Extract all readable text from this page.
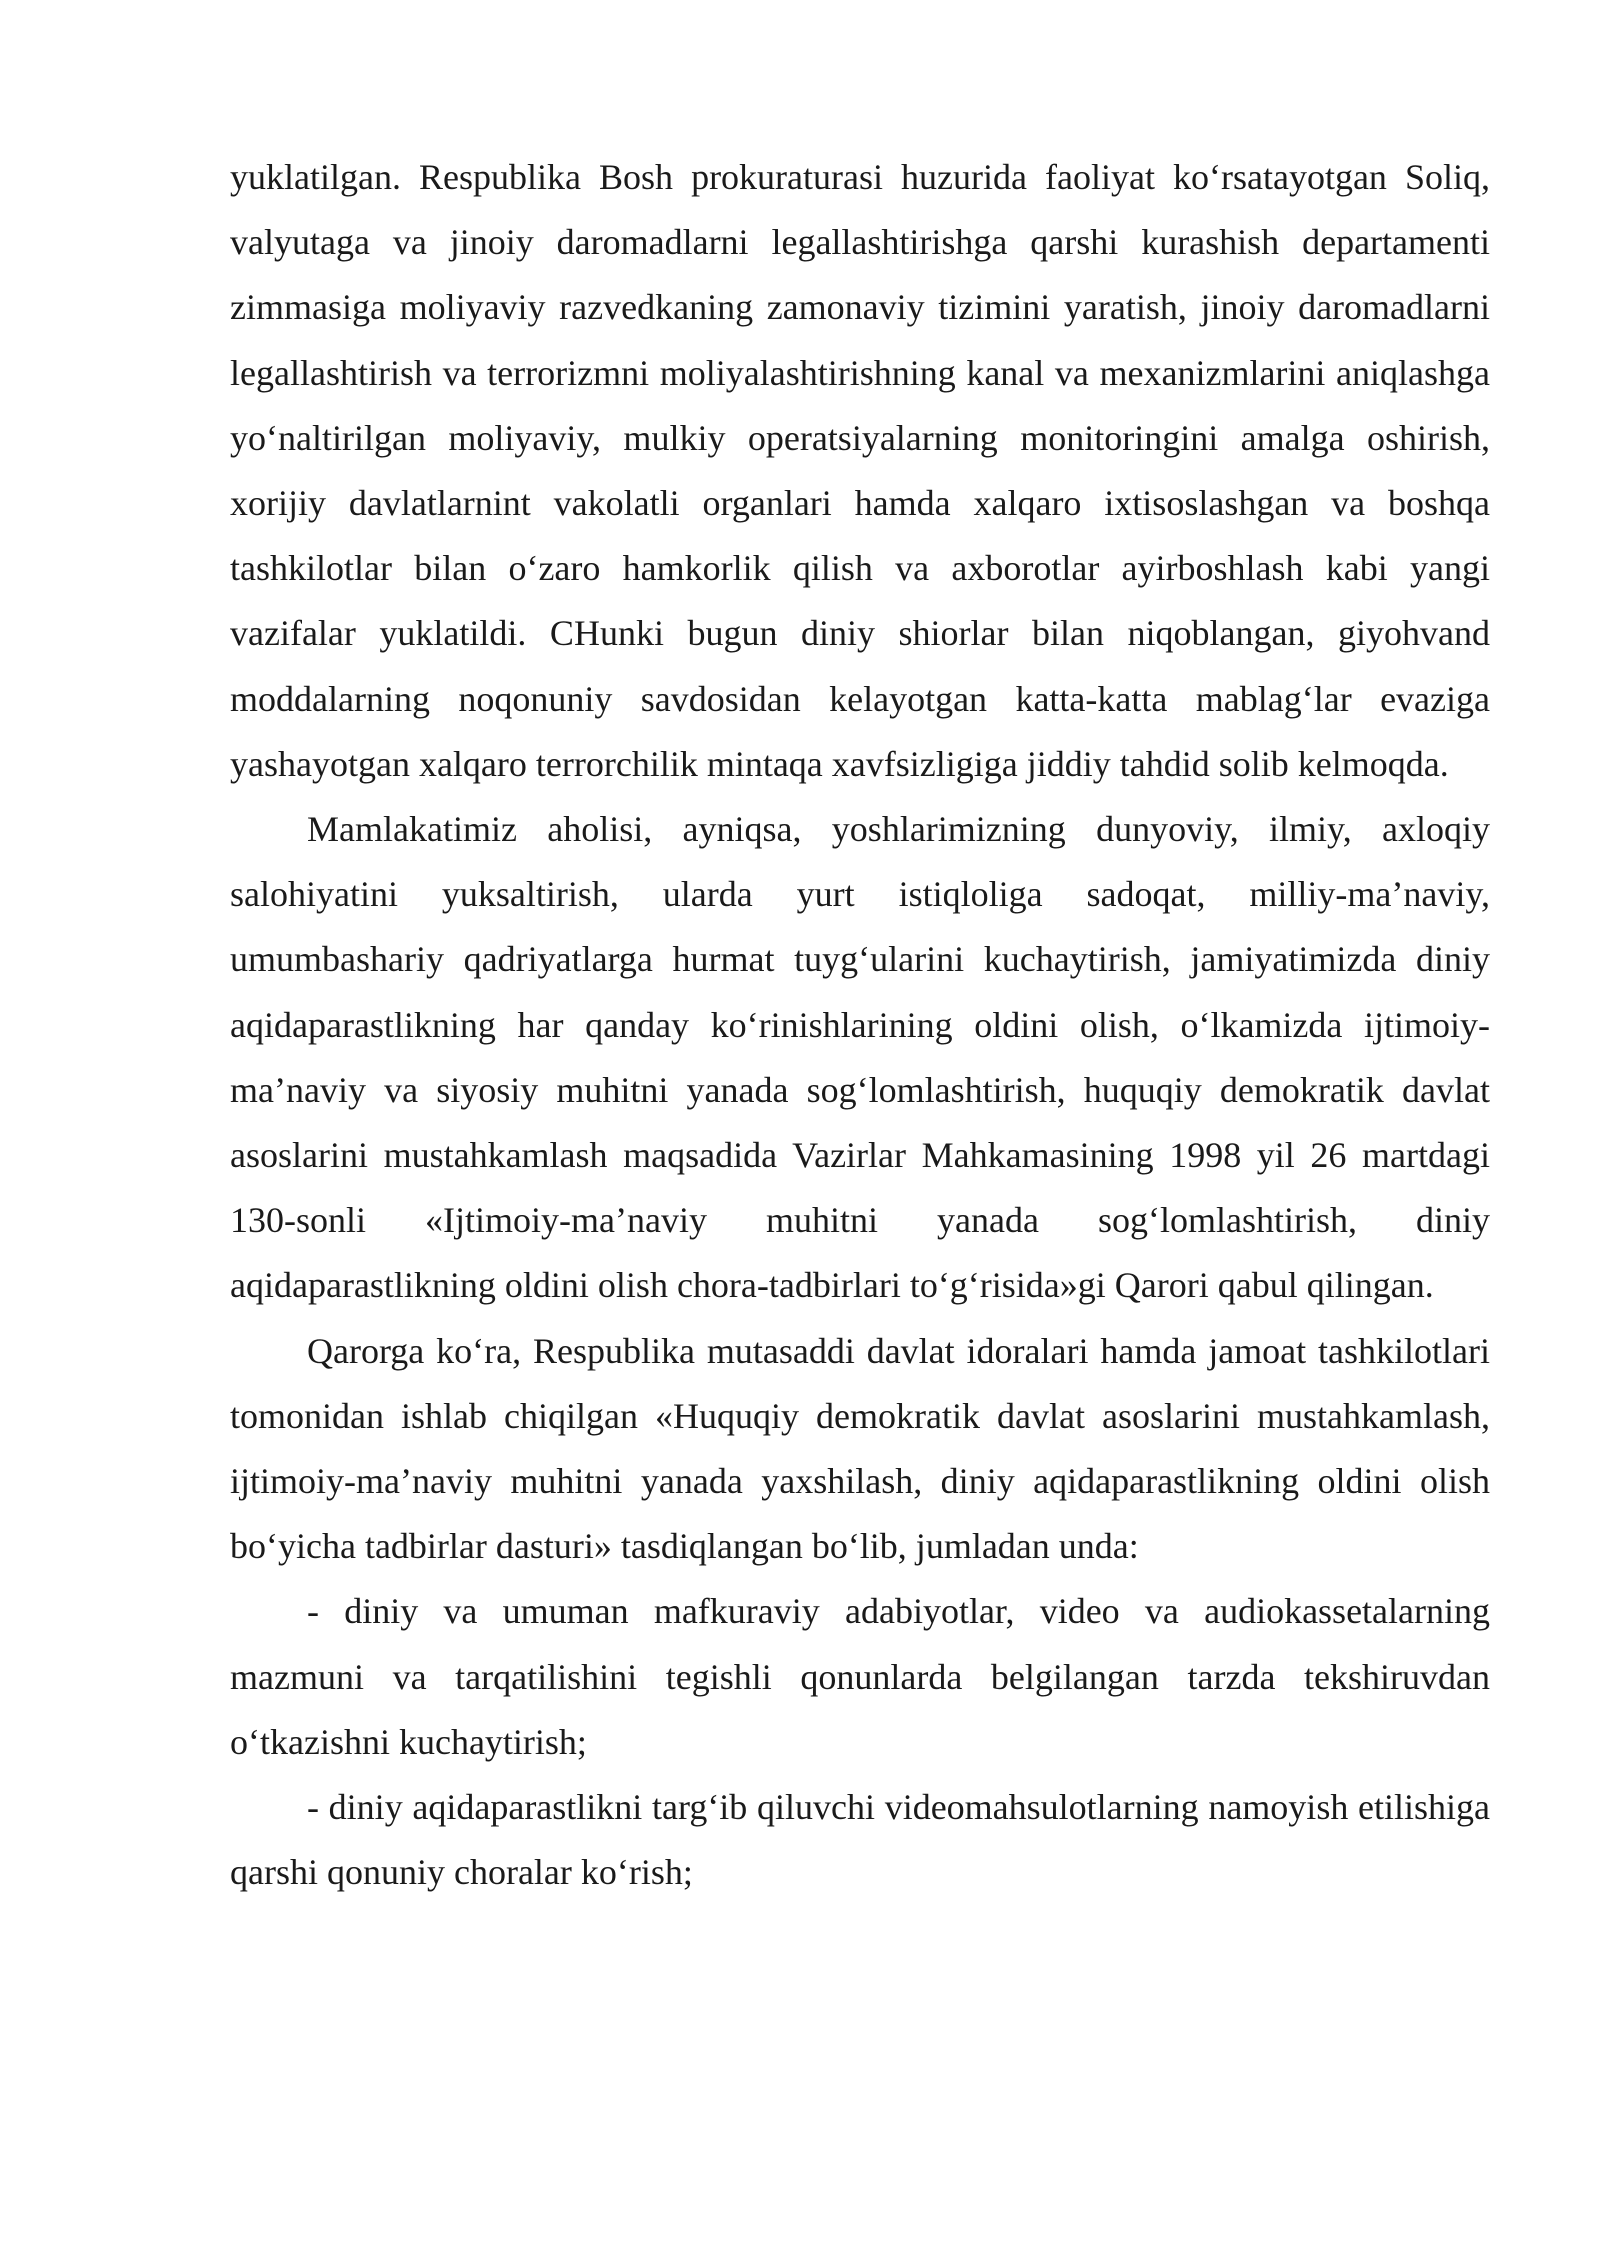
yuklatilgan. Respublika Bosh prokuraturasi huzurida faoliyat ko‘rsatayotgan Soliq, valyutaga va jinoiy daromadlarni legallashtirishga qarshi kurashish departamenti zimmasiga moliyaviy razvedkaning zamonaviy tizimini yaratish, jinoiy daromadlarni legallashtirish va terrorizmni moliyalashtirishning kanal va mexanizmlarini aniqlashga yo‘naltirilgan moliyaviy, mulkiy operatsiyalarning monitoringini amalga oshirish, xorijiy davlatlarnint vakolatli organlari hamda xalqaro ixtisoslashgan va boshqa tashkilotlar bilan o‘zaro hamkorlik qilish va axborotlar ayirboshlash kabi yangi vazifalar yuklatildi. CHunki bugun diniy shiorlar bilan niqoblangan, giyohvand moddalarning noqonuniy savdosidan kelayotgan katta-katta mablag‘lar evaziga yashayotgan xalqaro terrorchilik mintaqa xavfsizligiga jiddiy tahdid solib kelmoqda.

Mamlakatimiz aholisi, ayniqsa, yoshlarimizning dunyoviy, ilmiy, axloqiy salohiyatini yuksaltirish, ularda yurt istiqloliga sadoqat, milliy-ma’naviy, umumbashariy qadriyatlarga hurmat tuyg‘ularini kuchaytirish, jamiyatimizda diniy aqidaparastlikning har qanday ko‘rinishlarining oldini olish, o‘lkamizda ijtimoiy-ma’naviy va siyosiy muhitni yanada sog‘lomlashtirish, huquqiy demokratik davlat asoslarini mustahkamlash maqsadida Vazirlar Mahkamasining 1998 yil 26 martdagi 130-sonli «Ijtimoiy-ma’naviy muhitni yanada sog‘lomlashtirish, diniy aqidaparastlikning oldini olish chora-tadbirlari to‘g‘risida»gi Qarori qabul qilingan.

Qarorga ko‘ra, Respublika mutasaddi davlat idoralari hamda jamoat tashkilotlari tomonidan ishlab chiqilgan «Huquqiy demokratik davlat asoslarini mustahkamlash, ijtimoiy-ma’naviy muhitni yanada yaxshilash, diniy aqidaparastlikning oldini olish bo‘yicha tadbirlar dasturi» tasdiqlangan bo‘lib, jumladan unda:

- diniy va umuman mafkuraviy adabiyotlar, video va audiokassetalarning mazmuni va tarqatilishini tegishli qonunlarda belgilangan tarzda tekshiruvdan o‘tkazishni kuchaytirish;

- diniy aqidaparastlikni targ‘ib qiluvchi videomahsulotlarning namoyish etilishiga qarshi qonuniy choralar ko‘rish;
